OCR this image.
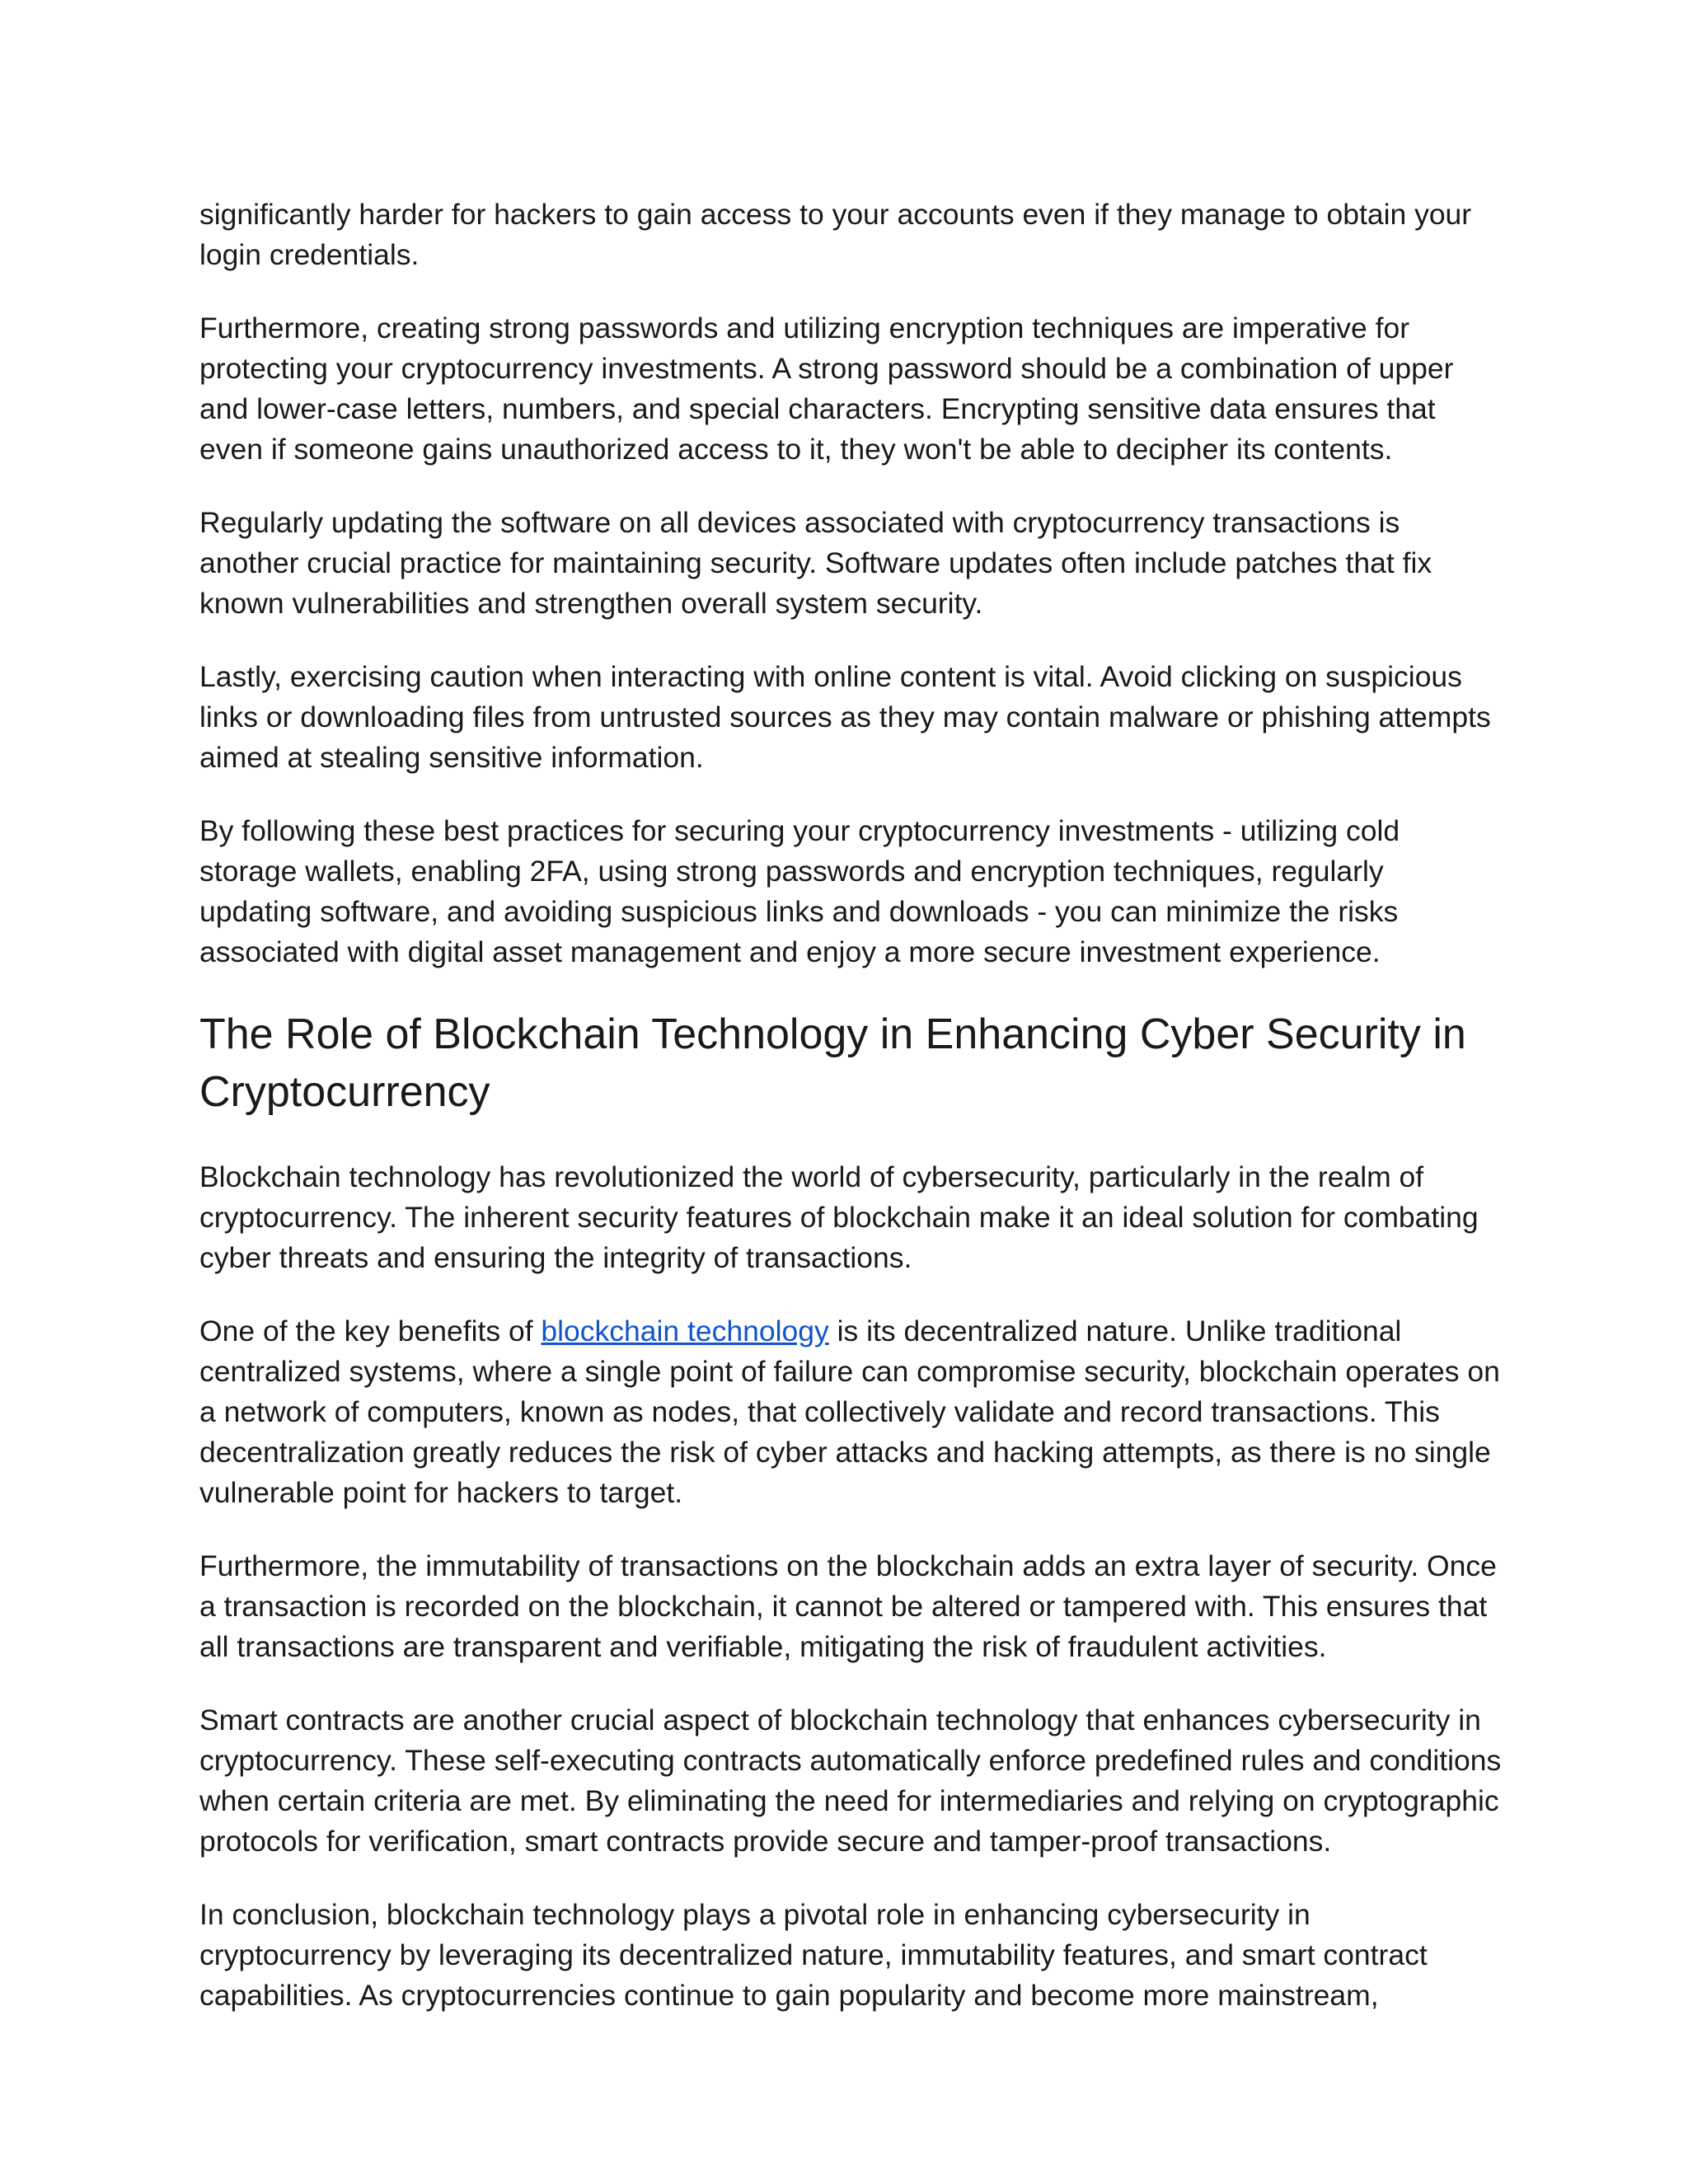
significantly harder for hackers to gain access to your accounts even if they manage to obtain your login credentials.

Furthermore, creating strong passwords and utilizing encryption techniques are imperative for protecting your cryptocurrency investments. A strong password should be a combination of upper and lower-case letters, numbers, and special characters. Encrypting sensitive data ensures that even if someone gains unauthorized access to it, they won't be able to decipher its contents.

Regularly updating the software on all devices associated with cryptocurrency transactions is another crucial practice for maintaining security. Software updates often include patches that fix known vulnerabilities and strengthen overall system security.

Lastly, exercising caution when interacting with online content is vital. Avoid clicking on suspicious links or downloading files from untrusted sources as they may contain malware or phishing attempts aimed at stealing sensitive information.

By following these best practices for securing your cryptocurrency investments - utilizing cold storage wallets, enabling 2FA, using strong passwords and encryption techniques, regularly updating software, and avoiding suspicious links and downloads - you can minimize the risks associated with digital asset management and enjoy a more secure investment experience.

The Role of Blockchain Technology in Enhancing Cyber Security in Cryptocurrency

Blockchain technology has revolutionized the world of cybersecurity, particularly in the realm of cryptocurrency. The inherent security features of blockchain make it an ideal solution for combating cyber threats and ensuring the integrity of transactions.

One of the key benefits of blockchain technology is its decentralized nature. Unlike traditional centralized systems, where a single point of failure can compromise security, blockchain operates on a network of computers, known as nodes, that collectively validate and record transactions. This decentralization greatly reduces the risk of cyber attacks and hacking attempts, as there is no single vulnerable point for hackers to target.

Furthermore, the immutability of transactions on the blockchain adds an extra layer of security. Once a transaction is recorded on the blockchain, it cannot be altered or tampered with. This ensures that all transactions are transparent and verifiable, mitigating the risk of fraudulent activities.

Smart contracts are another crucial aspect of blockchain technology that enhances cybersecurity in cryptocurrency. These self-executing contracts automatically enforce predefined rules and conditions when certain criteria are met. By eliminating the need for intermediaries and relying on cryptographic protocols for verification, smart contracts provide secure and tamper-proof transactions.

In conclusion, blockchain technology plays a pivotal role in enhancing cybersecurity in cryptocurrency by leveraging its decentralized nature, immutability features, and smart contract capabilities. As cryptocurrencies continue to gain popularity and become more mainstream,
